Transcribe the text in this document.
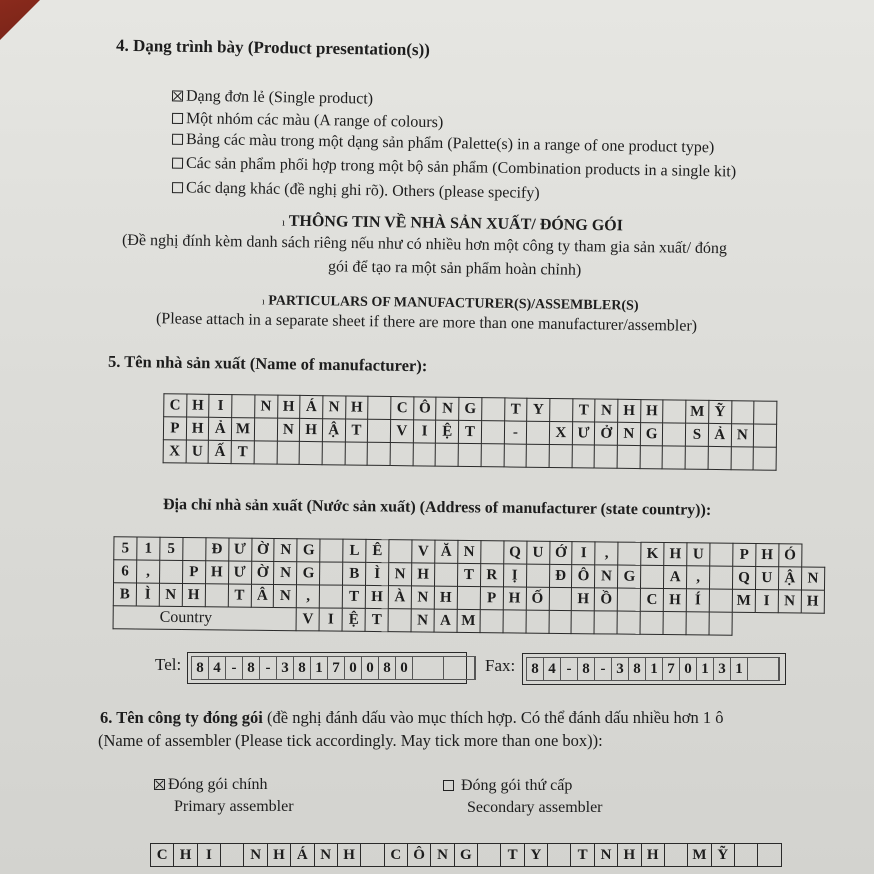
4. Dạng trình bày (Product presentation(s))
Dạng đơn lẻ (Single product)
Một nhóm các màu (A range of colours)
Bảng các màu trong một dạng sản phẩm (Palette(s) in a range of one product type)
Các sản phẩm phối hợp trong một bộ sản phẩm (Combination products in a single kit)
Các dạng khác (đề nghị ghi rõ). Others (please specify)
ı THÔNG TIN VỀ NHÀ SẢN XUẤT/ ĐÓNG GÓI
(Đề nghị đính kèm danh sách riêng nếu như có nhiều hơn một công ty tham gia sản xuất/ đóng
gói để tạo ra một sản phẩm hoàn chỉnh)
ı PARTICULARS OF MANUFACTURER(S)/ASSEMBLER(S)
(Please attach in a separate sheet if there are more than one manufacturer/assembler)
5. Tên nhà sản xuất (Name of manufacturer):
C	H	I		N	H	Á	N	H		C	Ô	N	G		T	Y		T	N	H	H		M	Ỹ		
P	H	Ả	M		N	H	Ậ	T		V	I	Ệ	T		-		X	Ư	Ở	N	G		S	Ả	N	
X	U	Ấ	T																							
Địa chỉ nhà sản xuất (Nước sản xuất) (Address of manufacturer (state country)):
5	1	5		Đ	Ư	Ờ	N	G		L	Ê		V	Ă	N		Q	U	Ớ	I	,		K	H	U		P	H	Ó	
6	,		P	H	Ư	Ờ	N	G		B	Ì	N	H		T	R	Ị		Đ	Ô	N	G		A	,		Q	U	Ậ	N
B	Ì	N	H		T	Â	N	,		T	H	À	N	H		P	H	Ố		H	Ồ		C	H	Í		M	I	N	H
Country								V	I	Ệ	T		N	A	M															
Tel: 8 4 - 8 - 3 8 1 7 0 0 8 0	Fax: 8 4 - 8 - 3 8 1 7 0 1 3 1
6. Tên công ty đóng gói (đề nghị đánh dấu vào mục thích hợp. Có thể đánh dấu nhiều hơn 1 ô
(Name of assembler (Please tick accordingly. May tick more than one box)):
Đóng gói chính
Primary assembler
Đóng gói thứ cấp
Secondary assembler
C	H	I		N	H	Á	N	H		C	Ô	N	G		T	Y		T	N	H	H		M	Ỹ		
